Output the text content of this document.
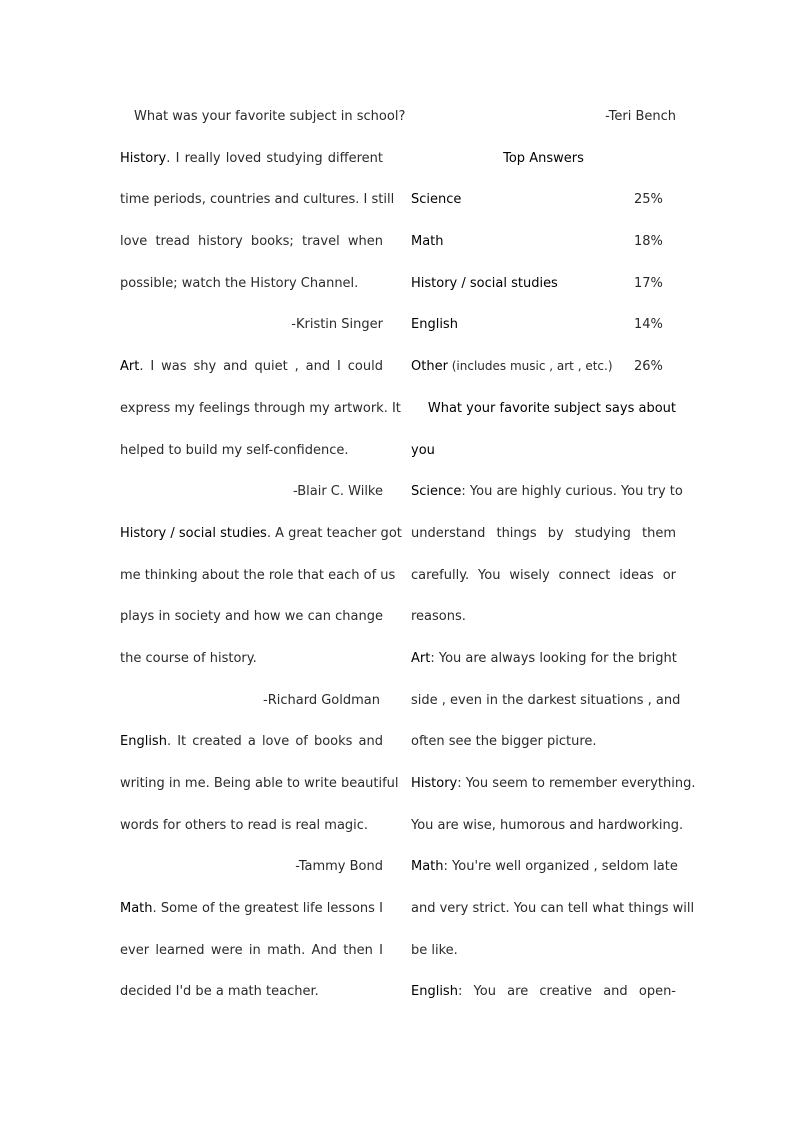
What was your favorite subject in school?
History. I really loved studying different
time periods, countries and cultures. I still
love tread history books; travel when
possible; watch the History Channel.
-Kristin Singer
Art. I was shy and quiet , and I could
express my feelings through my artwork. It
helped to build my self-confidence.
-Blair C. Wilke
History / social studies. A great teacher got
me thinking about the role that each of us
plays in society and how we can change
the course of history.
-Richard Goldman
English. It created a love of books and
writing in me. Being able to write beautiful
words for others to read is real magic.
-Tammy Bond
Math. Some of the greatest life lessons I
ever learned were in math. And then I
decided I'd be a math teacher.
-Teri Bench
Top Answers
Science	25%
Math	18%
History / social studies	17%
English	14%
Other (includes music , art , etc.)	26%
What your favorite subject says about
you
Science: You are highly curious. You try to
understand things by studying them
carefully. You wisely connect ideas or
reasons.
Art: You are always looking for the bright
side , even in the darkest situations , and
often see the bigger picture.
History: You seem to remember everything.
You are wise, humorous and hardworking.
Math: You're well organized , seldom late
and very strict. You can tell what things will
be like.
English: You are creative and open-
